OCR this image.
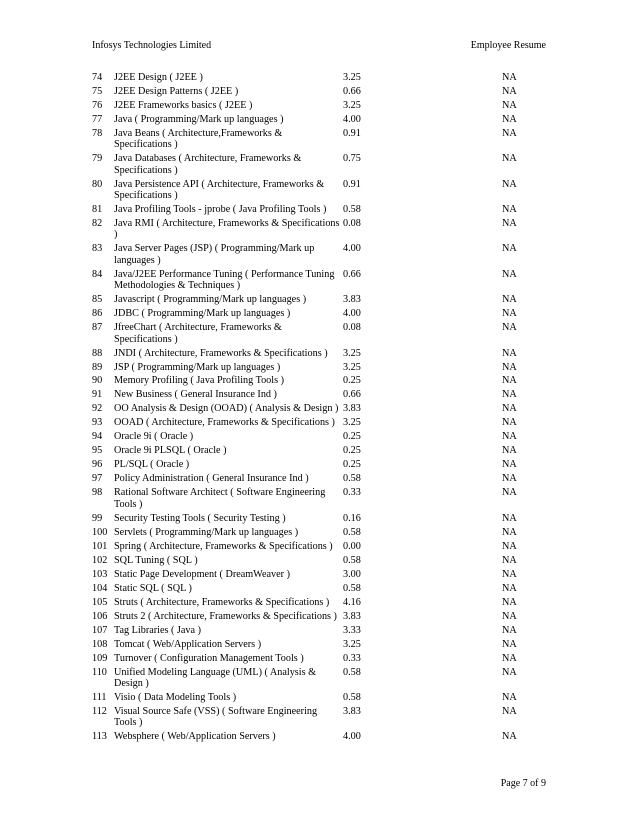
Infosys Technologies Limited	Employee Resume
74	J2EE Design ( J2EE )	3.25	NA
75	J2EE Design Patterns ( J2EE )	0.66	NA
76	J2EE Frameworks basics ( J2EE )	3.25	NA
77	Java ( Programming/Mark up languages )	4.00	NA
78	Java Beans ( Architecture,Frameworks &
Specifications )
0.91	NA
79	Java Databases ( Architecture, Frameworks &
Specifications )
0.75	NA
80	Java Persistence API ( Architecture, Frameworks &
Specifications )
0.91	NA
81	Java Profiling Tools - jprobe ( Java Profiling Tools )	0.58	NA
82	Java RMI ( Architecture, Frameworks & Specifications
)
0.08	NA
83	Java Server Pages (JSP) ( Programming/Mark up
languages )
4.00	NA
84	Java/J2EE Performance Tuning ( Performance Tuning
Methodologies & Techniques )
0.66	NA
85	Javascript ( Programming/Mark up languages )	3.83	NA
86	JDBC ( Programming/Mark up languages )	4.00	NA
87	JfreeChart ( Architecture, Frameworks &
Specifications )
0.08	NA
88	JNDI ( Architecture, Frameworks & Specifications )	3.25	NA
89	JSP ( Programming/Mark up languages )	3.25	NA
90	Memory Profiling ( Java Profiling Tools )	0.25	NA
91	New Business ( General Insurance Ind )	0.66	NA
92	OO Analysis & Design (OOAD) ( Analysis & Design ) 3.83	NA
93	OOAD ( Architecture, Frameworks & Specifications ) 3.25	NA
94	Oracle 9i ( Oracle )	0.25	NA
95	Oracle 9i PLSQL ( Oracle )	0.25	NA
96	PL/SQL ( Oracle )	0.25	NA
97	Policy Administration ( General Insurance Ind )	0.58	NA
98	Rational Software Architect ( Software Engineering
Tools )
0.33	NA
99	Security Testing Tools ( Security Testing )	0.16	NA
100 Servlets ( Programming/Mark up languages )	0.58	NA
101 Spring ( Architecture, Frameworks & Specifications )	0.00	NA
102 SQL Tuning ( SQL )	0.58	NA
103 Static Page Development ( DreamWeaver )	3.00	NA
104 Static SQL ( SQL )	0.58	NA
105 Struts ( Architecture, Frameworks & Specifications )	4.16	NA
106 Struts 2 ( Architecture, Frameworks & Specifications ) 3.83	NA
107 Tag Libraries ( Java )	3.33	NA
108 Tomcat ( Web/Application Servers )	3.25	NA
109 Turnover ( Configuration Management Tools )	0.33	NA
110 Unified Modeling Language (UML) ( Analysis &
Design )
0.58	NA
111 Visio ( Data Modeling Tools )	0.58	NA
112 Visual Source Safe (VSS) ( Software Engineering
Tools )
3.83	NA
113 Websphere ( Web/Application Servers )	4.00	NA
Page 7 of 9
